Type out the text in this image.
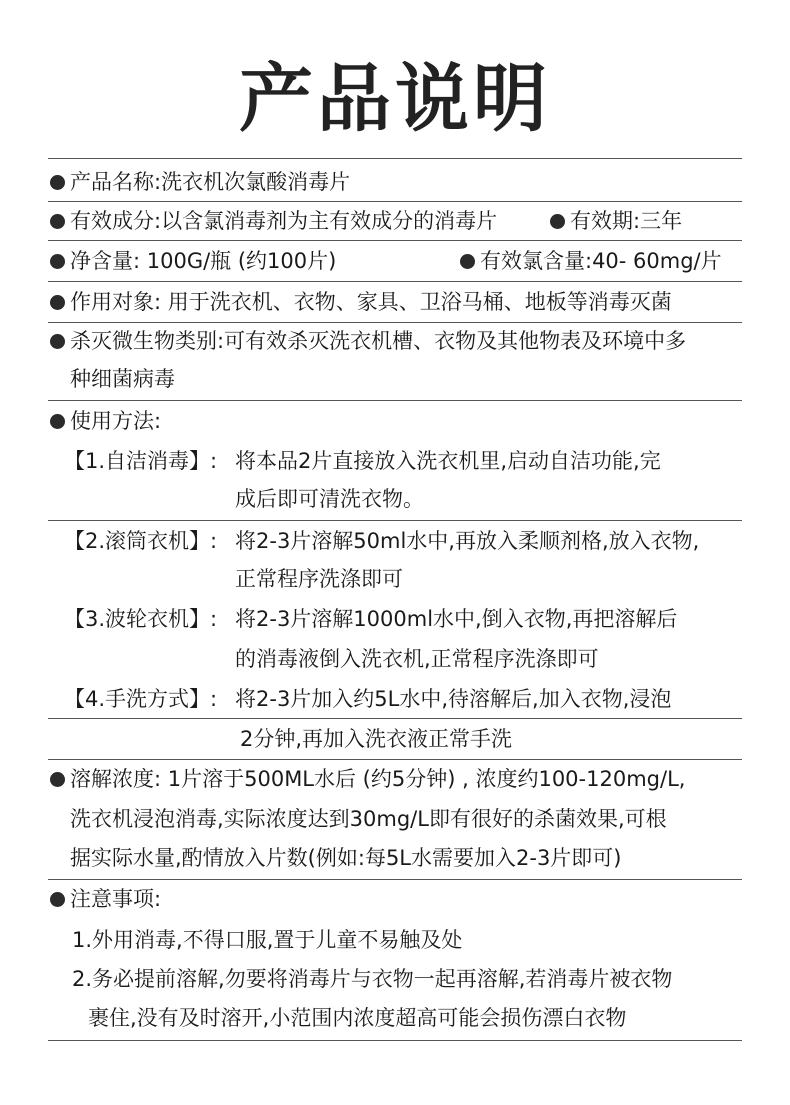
产品说明
产品名称:洗衣机次氯酸消毒片
有效成分:以含氯消毒剂为主有效成分的消毒片	有效期:三年
净含量: 100G/瓶 (约100片)	有效氯含量:40- 60mg/片
作用对象: 用于洗衣机、衣物、家具、卫浴马桶、地板等消毒灭菌
杀灭微生物类别:可有效杀灭洗衣机槽、衣物及其他物表及环境中多
种细菌病毒
使用方法:
【1.自洁消毒】: 将本品2片直接放入洗衣机里,启动自洁功能,完
成后即可清洗衣物。
【2.滚筒衣机】: 将2-3片溶解50ml水中,再放入柔顺剂格,放入衣物,
正常程序洗涤即可
【3.波轮衣机】: 将2-3片溶解1000ml水中,倒入衣物,再把溶解后
的消毒液倒入洗衣机,正常程序洗涤即可
【4.手洗方式】: 将2-3片加入约5L水中,待溶解后,加入衣物,浸泡
2分钟,再加入洗衣液正常手洗
溶解浓度: 1片溶于500ML水后 (约5分钟) , 浓度约100-120mg/L,
洗衣机浸泡消毒,实际浓度达到30mg/L即有很好的杀菌效果,可根
据实际水量,酌情放入片数(例如:每5L水需要加入2-3片即可)
注意事项:
1.外用消毒,不得口服,置于儿童不易触及处
2.务必提前溶解,勿要将消毒片与衣物一起再溶解,若消毒片被衣物
裹住,没有及时溶开,小范围内浓度超高可能会损伤漂白衣物
